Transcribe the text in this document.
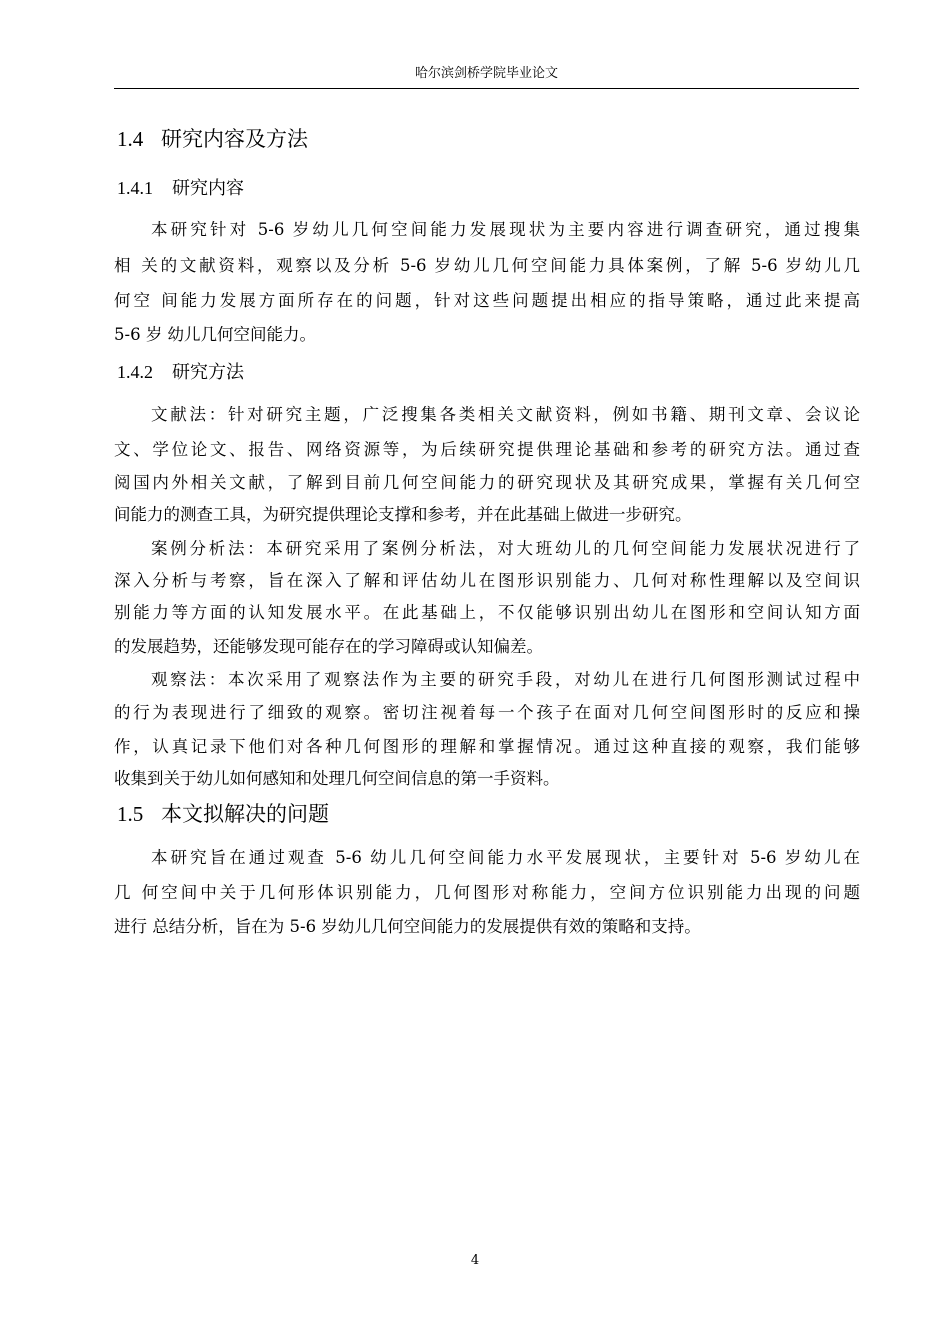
哈尔滨剑桥学院毕业论文
1.4 研究内容及方法
1.4.1 研究内容
本研究针对 5-6 岁幼儿几何空间能力发展现状为主要内容进行调查研究，通过搜集
相 关的文献资料，观察以及分析 5-6 岁幼儿几何空间能力具体案例，了解 5-6 岁幼儿几
何空 间能力发展方面所存在的问题，针对这些问题提出相应的指导策略，通过此来提高
5-6 岁 幼儿几何空间能力。
1.4.2 研究方法
文献法：针对研究主题，广泛搜集各类相关文献资料，例如书籍、期刊文章、会议论
文、学位论文、报告、网络资源等，为后续研究提供理论基础和参考的研究方法。通过查
阅国内外相关文献，了解到目前几何空间能力的研究现状及其研究成果，掌握有关几何空
间能力的测查工具，为研究提供理论支撑和参考，并在此基础上做进一步研究。
案例分析法：本研究采用了案例分析法，对大班幼儿的几何空间能力发展状况进行了
深入分析与考察，旨在深入了解和评估幼儿在图形识别能力、几何对称性理解以及空间识
别能力等方面的认知发展水平。在此基础上，不仅能够识别出幼儿在图形和空间认知方面
的发展趋势，还能够发现可能存在的学习障碍或认知偏差。
观察法：本次采用了观察法作为主要的研究手段，对幼儿在进行几何图形测试过程中
的行为表现进行了细致的观察。密切注视着每一个孩子在面对几何空间图形时的反应和操
作，认真记录下他们对各种几何图形的理解和掌握情况。通过这种直接的观察，我们能够
收集到关于幼儿如何感知和处理几何空间信息的第一手资料。
1.5 本文拟解决的问题
本研究旨在通过观查 5-6 幼儿几何空间能力水平发展现状，主要针对 5-6 岁幼儿在
几 何空间中关于几何形体识别能力，几何图形对称能力，空间方位识别能力出现的问题
进行 总结分析，旨在为 5-6 岁幼儿几何空间能力的发展提供有效的策略和支持。
4
